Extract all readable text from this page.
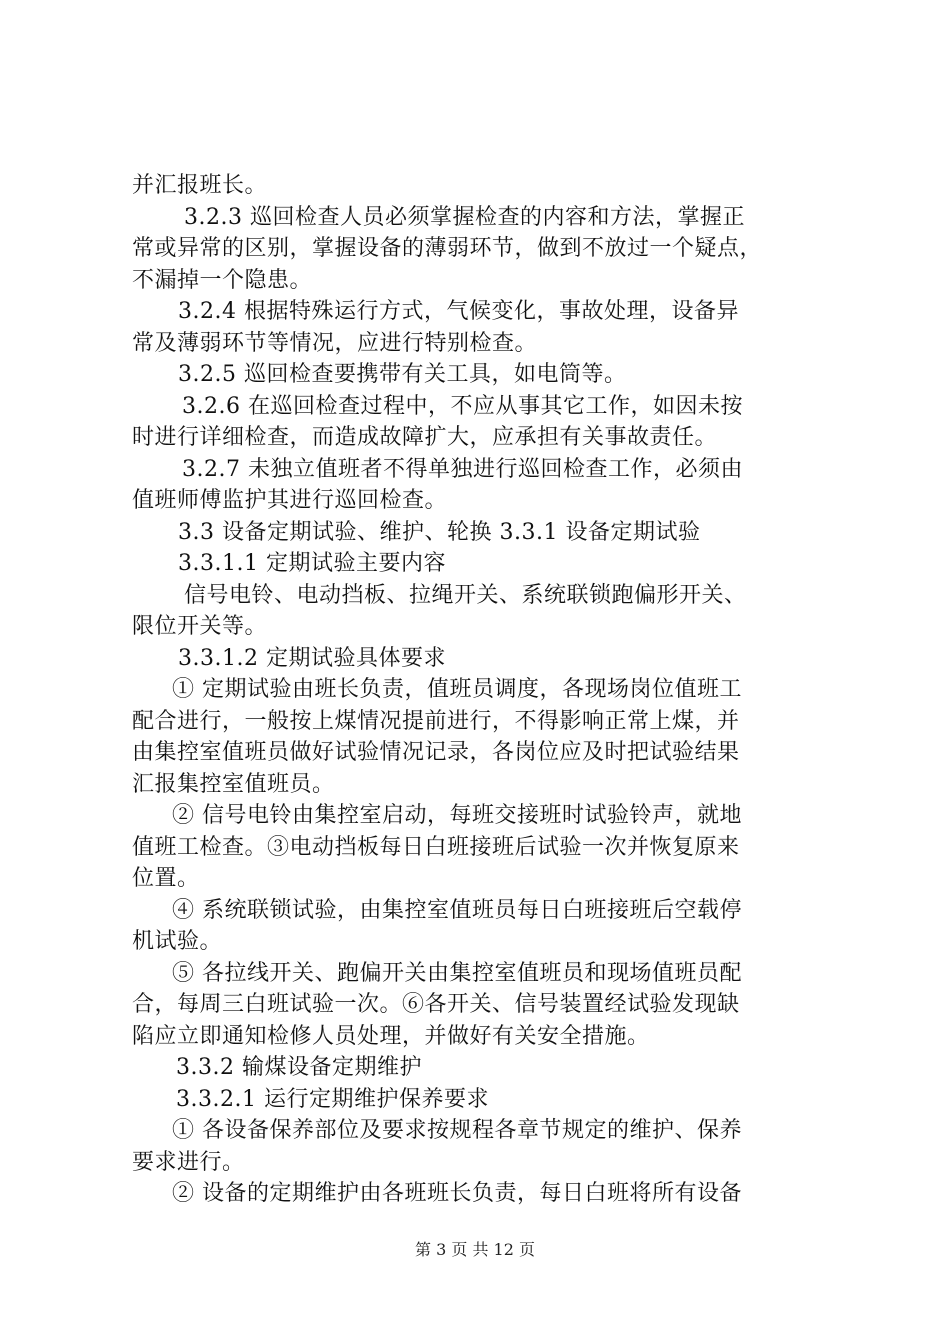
并汇报班长。
3.2.3 巡回检查人员必须掌握检查的内容和方法，掌握正
常或异常的区别，掌握设备的薄弱环节，做到不放过一个疑点，
不漏掉一个隐患。
3.2.4 根据特殊运行方式，气候变化，事故处理，设备异
常及薄弱环节等情况，应进行特别检查。
3.2.5 巡回检查要携带有关工具，如电筒等。
3.2.6 在巡回检查过程中，不应从事其它工作，如因未按
时进行详细检查，而造成故障扩大，应承担有关事故责任。
3.2.7 未独立值班者不得单独进行巡回检查工作，必须由
值班师傅监护其进行巡回检查。
3.3 设备定期试验、维护、轮换 3.3.1 设备定期试验
3.3.1.1 定期试验主要内容
信号电铃、电动挡板、拉绳开关、系统联锁跑偏形开关、
限位开关等。
3.3.1.2 定期试验具体要求
① 定期试验由班长负责，值班员调度，各现场岗位值班工
配合进行，一般按上煤情况提前进行，不得影响正常上煤，并
由集控室值班员做好试验情况记录，各岗位应及时把试验结果
汇报集控室值班员。
② 信号电铃由集控室启动，每班交接班时试验铃声，就地
值班工检查。③电动挡板每日白班接班后试验一次并恢复原来
位置。
④ 系统联锁试验，由集控室值班员每日白班接班后空载停
机试验。
⑤ 各拉线开关、跑偏开关由集控室值班员和现场值班员配
合，每周三白班试验一次。⑥各开关、信号装置经试验发现缺
陷应立即通知检修人员处理，并做好有关安全措施。
3.3.2 输煤设备定期维护
3.3.2.1 运行定期维护保养要求
① 各设备保养部位及要求按规程各章节规定的维护、保养
要求进行。
② 设备的定期维护由各班班长负责，每日白班将所有设备
第 3 页 共 12 页
